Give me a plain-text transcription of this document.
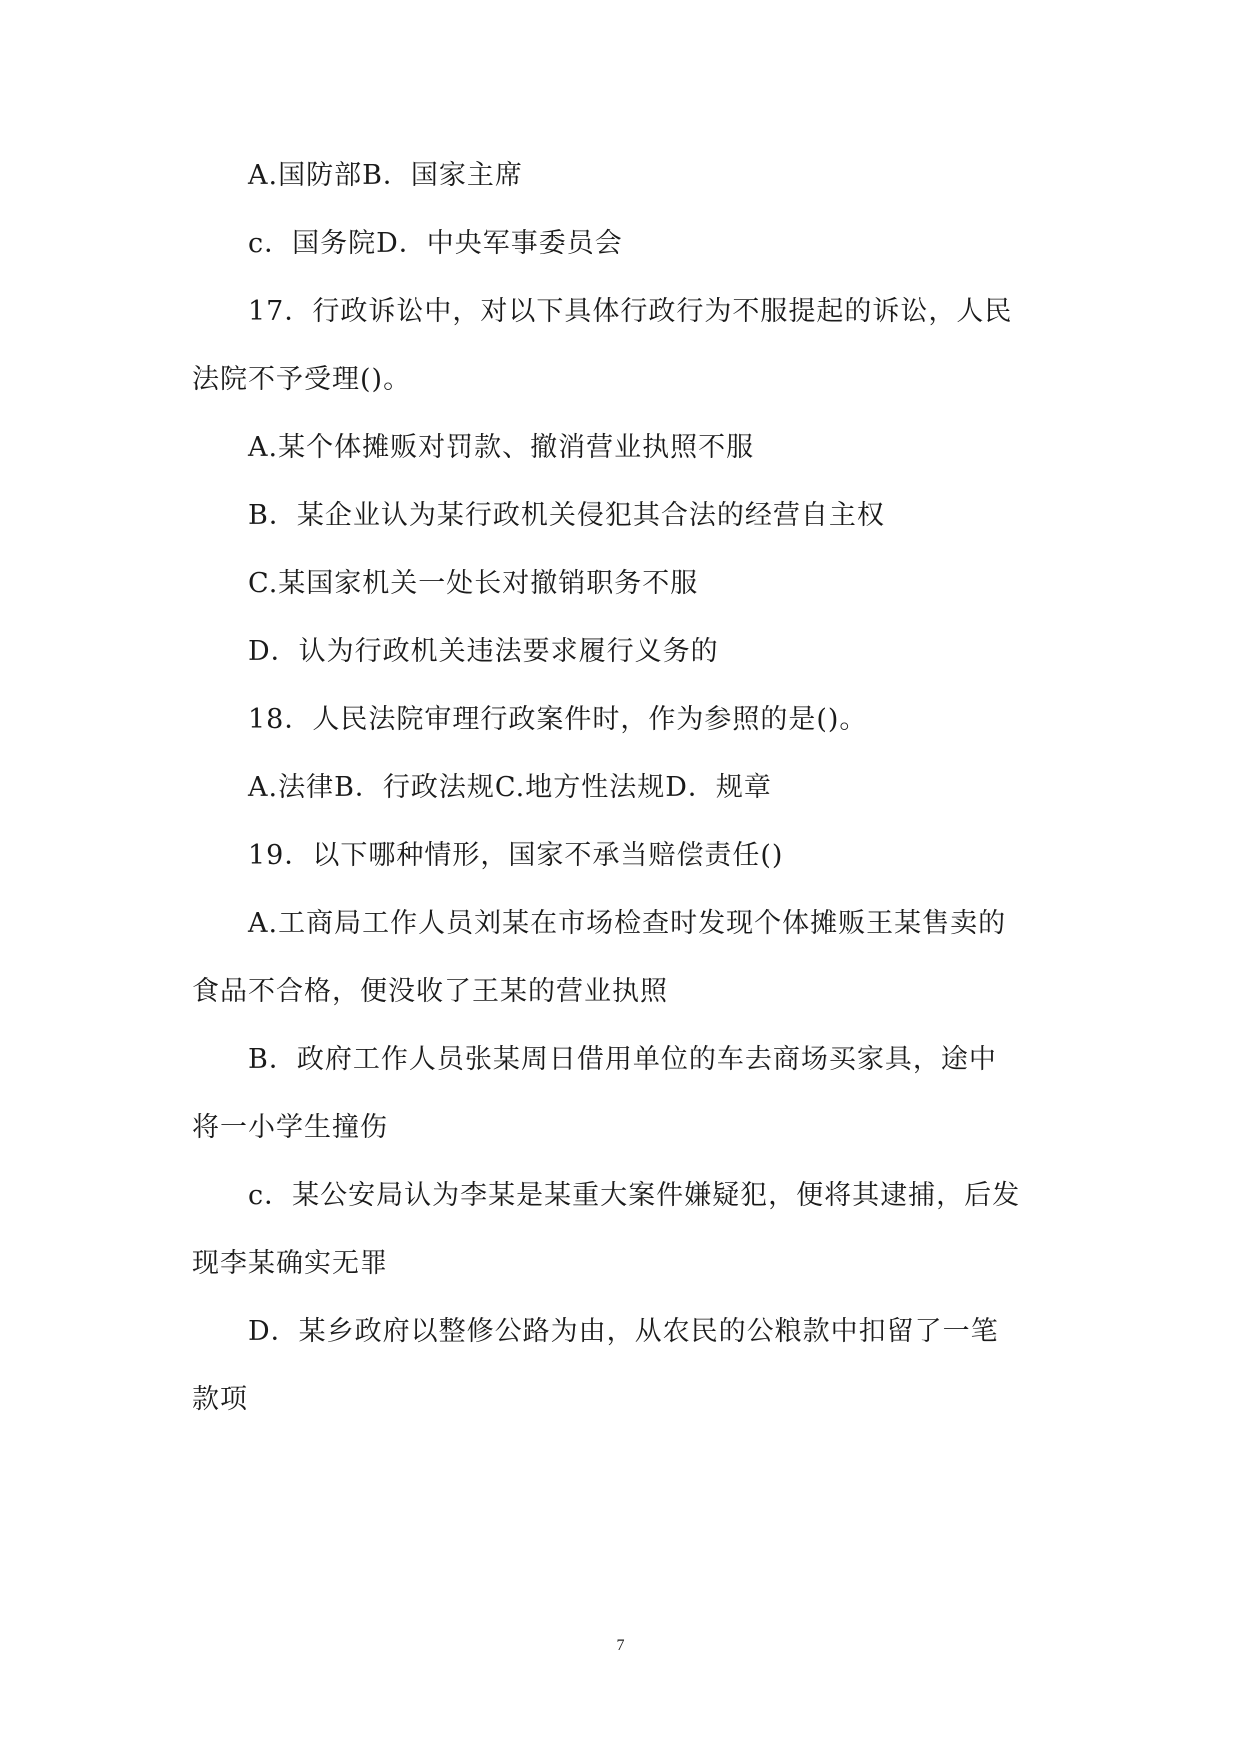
A.国防部B．国家主席
c．国务院D．中央军事委员会
17．行政诉讼中，对以下具体行政行为不服提起的诉讼，人民
法院不予受理()。
A.某个体摊贩对罚款、撤消营业执照不服
B．某企业认为某行政机关侵犯其合法的经营自主权
C.某国家机关一处长对撤销职务不服
D．认为行政机关违法要求履行义务的
18．人民法院审理行政案件时，作为参照的是()。
A.法律B．行政法规C.地方性法规D．规章
19．以下哪种情形，国家不承当赔偿责任()
A.工商局工作人员刘某在市场检查时发现个体摊贩王某售卖的
食品不合格，便没收了王某的营业执照
B．政府工作人员张某周日借用单位的车去商场买家具，途中
将一小学生撞伤
c．某公安局认为李某是某重大案件嫌疑犯，便将其逮捕，后发
现李某确实无罪
D．某乡政府以整修公路为由，从农民的公粮款中扣留了一笔
款项
7
